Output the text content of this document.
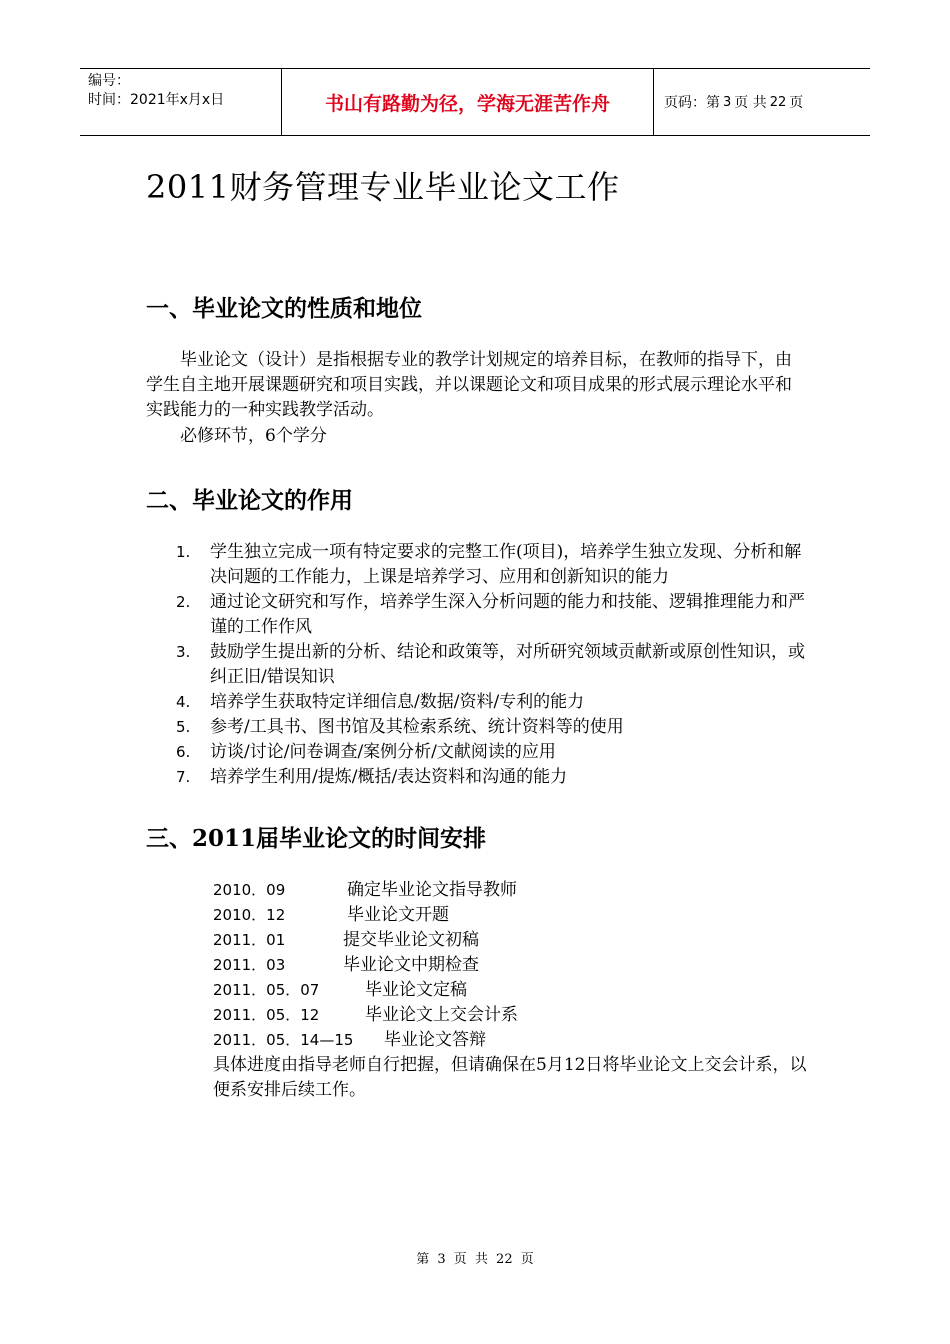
编号：
时间：2021年x月x日	书山有路勤为径，学海无涯苦作舟	页码：第 3 页 共 22 页
2011财务管理专业毕业论文工作
一、毕业论文的性质和地位
毕业论文（设计）是指根据专业的教学计划规定的培养目标，在教师的指导下，由学生自主地开展课题研究和项目实践，并以课题论文和项目成果的形式展示理论水平和实践能力的一种实践教学活动。
必修环节，6个学分
二、毕业论文的作用
1.	学生独立完成一项有特定要求的完整工作(项目)，培养学生独立发现、分析和解决问题的工作能力，上课是培养学习、应用和创新知识的能力
2.	通过论文研究和写作，培养学生深入分析问题的能力和技能、逻辑推理能力和严谨的工作作风
3.	鼓励学生提出新的分析、结论和政策等，对所研究领域贡献新或原创性知识，或纠正旧/错误知识
4.	培养学生获取特定详细信息/数据/资料/专利的能力
5.	参考/工具书、图书馆及其检索系统、统计资料等的使用
6.	访谈/讨论/问卷调查/案例分析/文献阅读的应用
7.	培养学生利用/提炼/概括/表达资料和沟通的能力
三、2011届毕业论文的时间安排
2010．09	确定毕业论文指导教师
2010．12	毕业论文开题
2011．01	提交毕业论文初稿
2011．03	毕业论文中期检查
2011．05．07	毕业论文定稿
2011．05．12	毕业论文上交会计系
2011．05．14—15	毕业论文答辩
具体进度由指导老师自行把握，但请确保在5月12日将毕业论文上交会计系，以便系安排后续工作。
第 3 页 共 22 页
